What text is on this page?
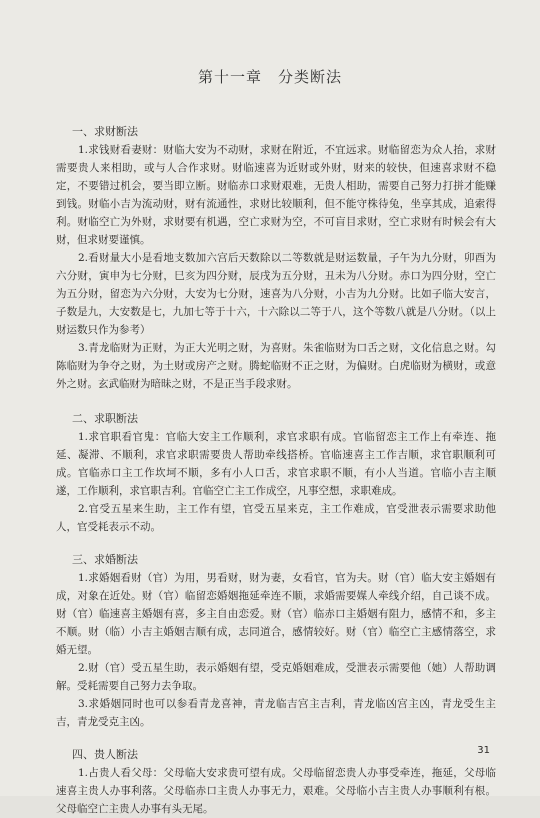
第十一章　分类断法
一、求财断法

1.求钱财看妻财：财临大安为不动财，求财在附近，不宜远求。财临留恋为众人抬，求财需要贵人来相助，或与人合作求财。财临速喜为近财或外财，财来的较快，但速喜求财不稳定，不要错过机会，要当即立断。财临赤口求财艰难，无贵人相助，需要自己努力打拼才能赚到钱。财临小吉为流动财，财有流通性，求财比较顺利，但不能守株待兔，坐享其成，追索得利。财临空亡为外财，求财要有机遇，空亡求财为空，不可盲目求财，空亡求财有时候会有大财，但求财要谨慎。

2.看财量大小是看地支数加六宫后天数除以二等数就是财运数量，子午为九分财，卯酉为六分财，寅申为七分财，巳亥为四分财，辰戌为五分财，丑未为八分财。赤口为四分财，空亡为五分财，留恋为六分财，大安为七分财，速喜为八分财，小吉为九分财。比如子临大安言，子数是九，大安数是七，九加七等于十六，十六除以二等于八，这个等数八就是八分财。（以上财运数只作为参考）

3.青龙临财为正财，为正大光明之财，为喜财。朱雀临财为口舌之财，文化信息之财。勾陈临财为争夺之财，为土财或房产之财。腾蛇临财不正之财，为偏财。白虎临财为横财，或意外之财。玄武临财为暗昧之财，不是正当手段求财。

二、求职断法

1.求官职看官鬼：官临大安主工作顺利，求官求职有成。官临留恋主工作上有牵连、拖延、凝滞、不顺利，求官求职需要贵人帮助牵线搭桥。官临速喜主工作吉顺，求官职顺利可成。官临赤口主工作坎坷不顺，多有小人口舌，求官求职不顺，有小人当道。官临小吉主顺遂，工作顺利，求官职吉利。官临空亡主工作成空，凡事空想，求职难成。

2.官受五星来生助，主工作有望，官受五星来克，主工作难成，官受泄表示需要求助他人，官受耗表示不动。

三、求婚断法

1.求婚姻看财（官）为用，男看财，财为妻，女看官，官为夫。财（官）临大安主婚姻有成，对象在近处。财（官）临留恋婚姻拖延牵连不顺，求婚需要媒人牵线介绍，自己谈不成。财（官）临速喜主婚姻有喜，多主自由恋爱。财（官）临赤口主婚姻有阻力，感情不和，多主不顺。财（临）小吉主婚姻吉顺有成，志同道合，感情较好。财（官）临空亡主感情落空，求婚无望。

2.财（官）受五星生助，表示婚姻有望，受克婚姻难成，受泄表示需要他（她）人帮助调解。受耗需要自己努力去争取。

3.求婚姻同时也可以参看青龙喜神，青龙临吉宫主吉利，青龙临凶宫主凶，青龙受生主吉，青龙受克主凶。

四、贵人断法

1.占贵人看父母：父母临大安求贵可望有成。父母临留恋贵人办事受牵连，拖延，父母临速喜主贵人办事利落。父母临赤口主贵人办事无力，艰难。父母临小吉主贵人办事顺利有根。父母临空亡主贵人办事有头无尾。

31
